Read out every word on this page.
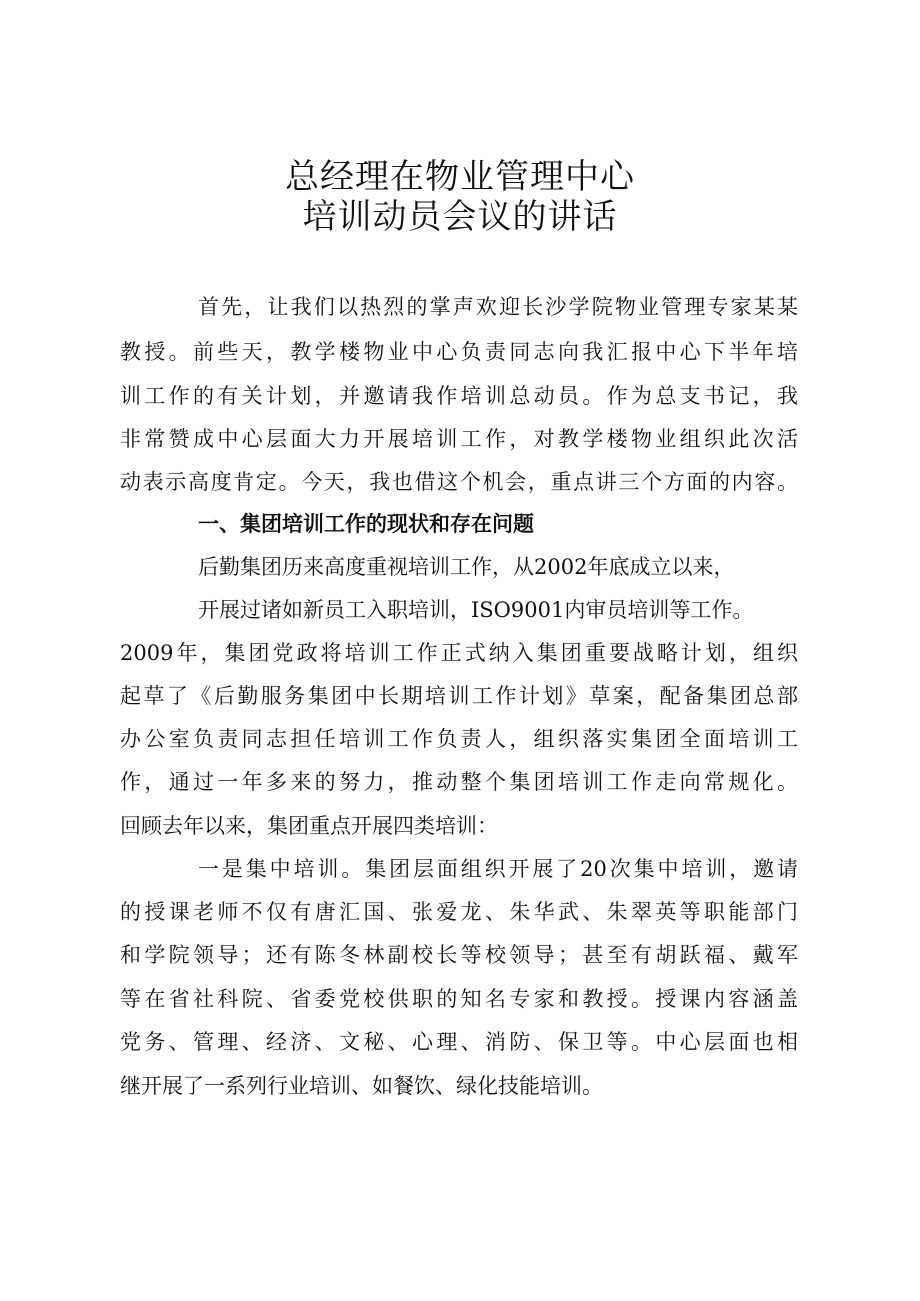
总经理在物业管理中心
培训动员会议的讲话
首先，让我们以热烈的掌声欢迎长沙学院物业管理专家某某
教授。前些天，教学楼物业中心负责同志向我汇报中心下半年培
训工作的有关计划，并邀请我作培训总动员。作为总支书记，我
非常赞成中心层面大力开展培训工作，对教学楼物业组织此次活
动表示高度肯定。今天，我也借这个机会，重点讲三个方面的内容。
一、集团培训工作的现状和存在问题
后勤集团历来高度重视培训工作，从2002年底成立以来，
开展过诸如新员工入职培训，ISO9001内审员培训等工作。
2009年，集团党政将培训工作正式纳入集团重要战略计划，组织
起草了《后勤服务集团中长期培训工作计划》草案，配备集团总部
办公室负责同志担任培训工作负责人，组织落实集团全面培训工
作，通过一年多来的努力，推动整个集团培训工作走向常规化。
回顾去年以来，集团重点开展四类培训：
一是集中培训。集团层面组织开展了20次集中培训，邀请
的授课老师不仅有唐汇国、张爱龙、朱华武、朱翠英等职能部门
和学院领导；还有陈冬林副校长等校领导；甚至有胡跃福、戴军
等在省社科院、省委党校供职的知名专家和教授。授课内容涵盖
党务、管理、经济、文秘、心理、消防、保卫等。中心层面也相
继开展了一系列行业培训、如餐饮、绿化技能培训。
